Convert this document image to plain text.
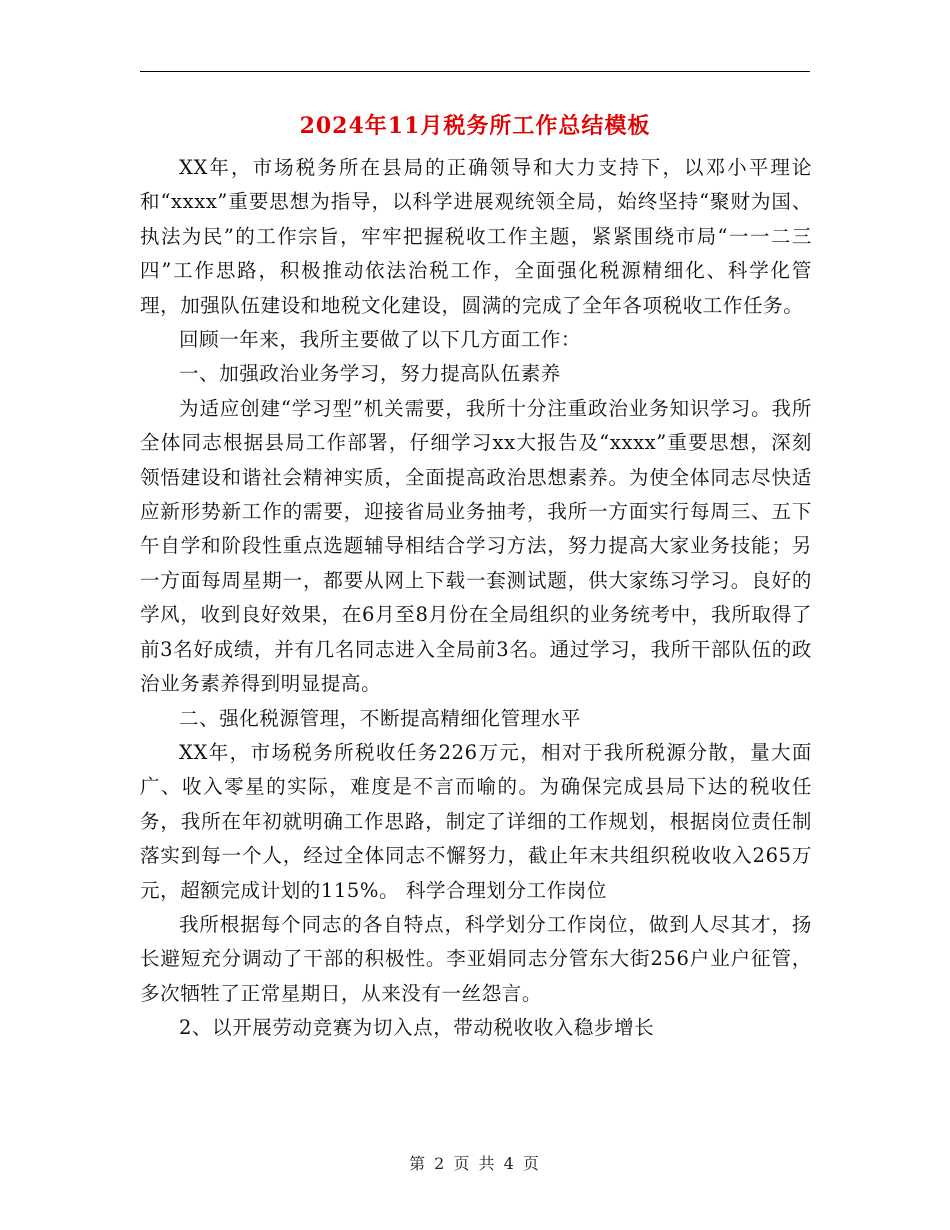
2024年11月税务所工作总结模板

XX年，市场税务所在县局的正确领导和大力支持下，以邓小平理论和“xxxx”重要思想为指导，以科学进展观统领全局，始终坚持“聚财为国、执法为民”的工作宗旨，牢牢把握税收工作主题，紧紧围绕市局“一一二三四”工作思路，积极推动依法治税工作，全面强化税源精细化、科学化管理，加强队伍建设和地税文化建设，圆满的完成了全年各项税收工作任务。

回顾一年来，我所主要做了以下几方面工作：

一、加强政治业务学习，努力提高队伍素养

为适应创建“学习型”机关需要，我所十分注重政治业务知识学习。我所全体同志根据县局工作部署，仔细学习xx大报告及“xxxx”重要思想，深刻领悟建设和谐社会精神实质，全面提高政治思想素养。为使全体同志尽快适应新形势新工作的需要，迎接省局业务抽考，我所一方面实行每周三、五下午自学和阶段性重点选题辅导相结合学习方法，努力提高大家业务技能；另一方面每周星期一，都要从网上下载一套测试题，供大家练习学习。良好的学风，收到良好效果，在6月至8月份在全局组织的业务统考中，我所取得了前3名好成绩，并有几名同志进入全局前3名。通过学习，我所干部队伍的政治业务素养得到明显提高。

二、强化税源管理，不断提高精细化管理水平

XX年，市场税务所税收任务226万元，相对于我所税源分散，量大面广、收入零星的实际，难度是不言而喻的。为确保完成县局下达的税收任务，我所在年初就明确工作思路，制定了详细的工作规划，根据岗位责任制落实到每一个人，经过全体同志不懈努力，截止年末共组织税收收入265万元，超额完成计划的115%。 科学合理划分工作岗位

我所根据每个同志的各自特点，科学划分工作岗位，做到人尽其才，扬长避短充分调动了干部的积极性。李亚娟同志分管东大街256户业户征管，多次牺牲了正常星期日，从来没有一丝怨言。

2、以开展劳动竞赛为切入点，带动税收收入稳步增长

第 2 页 共 4 页
